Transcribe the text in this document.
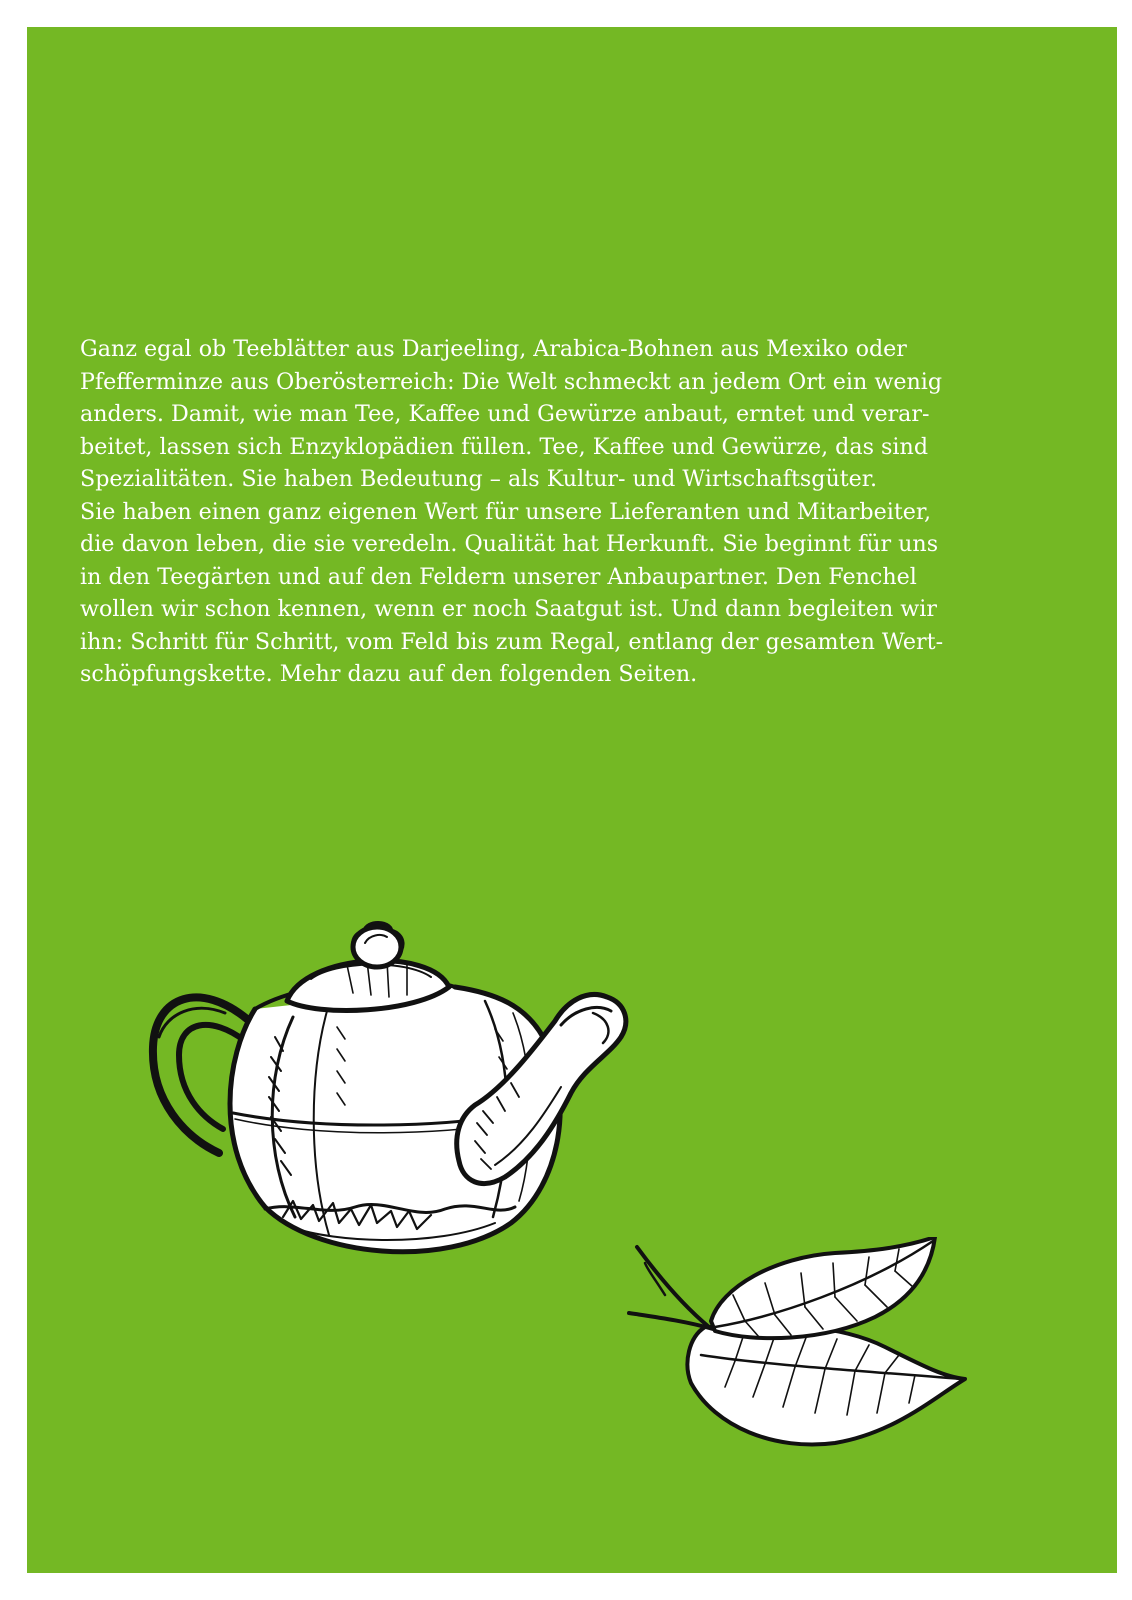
Ganz egal ob Teeblätter aus Darjeeling, Arabica-Bohnen aus Mexiko oder
Pfefferminze aus Oberösterreich: Die Welt schmeckt an jedem Ort ein wenig
anders. Damit, wie man Tee, Kaffee und Gewürze anbaut, erntet und verar-
beitet, lassen sich Enzyklopädien füllen. Tee, Kaffee und Gewürze, das sind
Spezialitäten. Sie haben Bedeutung – als Kultur- und Wirtschaftsgüter.
Sie haben einen ganz eigenen Wert für unsere Lieferanten und Mitarbeiter,
die davon leben, die sie veredeln. Qualität hat Herkunft. Sie beginnt für uns
in den Teegärten und auf den Feldern unserer Anbaupartner. Den Fenchel
wollen wir schon kennen, wenn er noch Saatgut ist. Und dann begleiten wir
ihn: Schritt für Schritt, vom Feld bis zum Regal, entlang der gesamten Wert-
schöpfungskette. Mehr dazu auf den folgenden Seiten.
